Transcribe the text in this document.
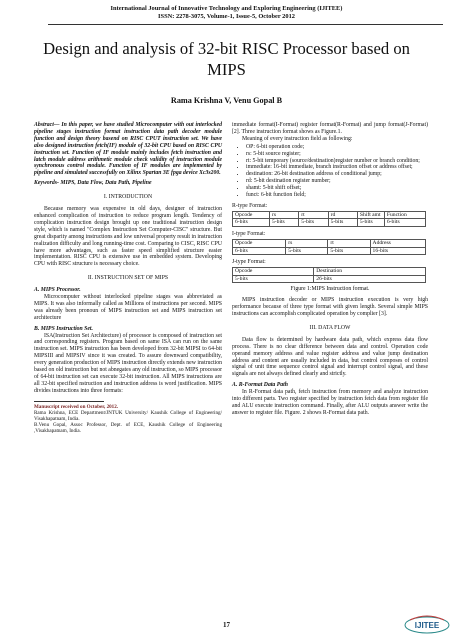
International Journal of Innovative Technology and Exploring Engineering (IJITEE)
ISSN: 2278-3075, Volume-1, Issue-5, October 2012
Design and analysis of 32-bit RISC Processor based on MIPS
Rama Krishna V, Venu Gopal B

Abstract— In this paper, we have studied Microcomputer with out interlocked pipeline stages instruction format instruction data path decoder module function and design theory basend on RISC CPUT instruction set. We have also designed instruction fetch(IF) module of 32-bit CPU based on RISC CPU instruction set. Function of IF module mainly includes fetch instruction and latch module address arithmetic module check validity of instruction module synchronous control module. Function of IF modules are implemented by pipeline and simulated successfully on Xilinx Spartan 3E fpga device Xc3s200.

Keywords- MIPS, Data Flow, Data Path, Pipeline

I. INTRODUCTION

Because memory was expensive in old days, designer of instruction enhanced complication of instruction to reduce program length. Tendency of complication instruction design brought up one traditional instruction design style, which is named "Complex Instruction Set Computer-CISC" structure. But great disparity among instructions and low universal property result in instruction realization difficulty and long running-time cost. Comparing to CISC, RISC CPU have more advantages, such as faster speed simplified structure easier implementation. RISC CPU is extensive use in embedded system. Developing CPU with RISC structure is necessary choice.

II. INSTRUCTION SET OF MIPS

A. MIPS Processor.

Microcomputer without interlocked pipeline stages was abbreviated as MIPS. It was also informally called as Millions of instructions per second. MIPS was already been pronoun of MIPS instruction set and MIPS instruction set architecture

B. MIPS Instruction Set.

ISA(Instruction Set Architecture) of processor is composed of instruction set and corresponding registers. Program based on same ISA can run on the same instruction set. MIPS instruction has been developed from 32-bit MIPSI to 64-bit MIPSIII and MIPSIV since it was created. To assure downward compatibility, every generation production of MIPS instruction directly extends new instruction based on old instruction but not abnegates any old instruction, so MIPS processor of 64-bit instruction set can execute 32-bit instruction. All MIPS instructions are all 32-bit specified nstruction and instruction address is word justification. MIPS divides instructions into three formats:

Manuscript received on October, 2012.

Rama Krishna, ECE Department/JNTUK University/ Kaushik College of Engineering/ Visakhapatnam, India.

B.Venu Gopal, Assoc Professor, Dept. of ECE, Kaushik College of Engineering ,Visakhapatnam, India.

immediate format(I-Format) register format(R-Format) and jump format(J-Format)[2]. Three instruction format shows as Figure.1.

Meaning of every instruction field as following:

• OP: 6-bit operation code;
• rs: 5-bit source register;
• rt: 5-bit temporary (source/destination)register number or branch condition;
• immediate: 16-bit immediate, branch instruction offset or address offset;
• destination: 26-bit destination address of conditional jump;
• rd: 5-bit destination register number;
• shamt: 5-bit shift offset;
• funct: 6-bit function field;

R-type Format:

Opcode	rs	rt	rd	Shift amt	Function
6-bits	5-bits	5-bits	5-bits	5-bits	6-bits

I-type Format:

Opcode	rs	rt	Address
6-bits	5-bits	5-bits	16-bits

J-type Format:

Opcode	Destination
5-bits	26-bits

Figure 1:MIPS Instruction format.

MIPS instruction decoder or MIPS instruction execution is very high performance because of three type format with given length. Several simple MIPS instructions can accomplish complicated operation by complier [3].

III. DATA FLOW

Data flow is determined by hardware data path, which express data flow process. There is no clear difference between data and control. Operation code operand memory address and value register address and value jump destination address and content are usually included in data, but control composes of control signal of unit time sequence control signal and interrupt control signal, and these signals are not always defined clearly and strictly.

A. R-Format Data Path

In R-Format data path, fetch instruction from memory and analyze instruction into different parts. Two register specified by instruction fetch data from register file and ALU execute instruction command. Finally, after ALU outputs answer write the answer to register file. Figure. 2 shows R-Format data path.

17	IJITEE
